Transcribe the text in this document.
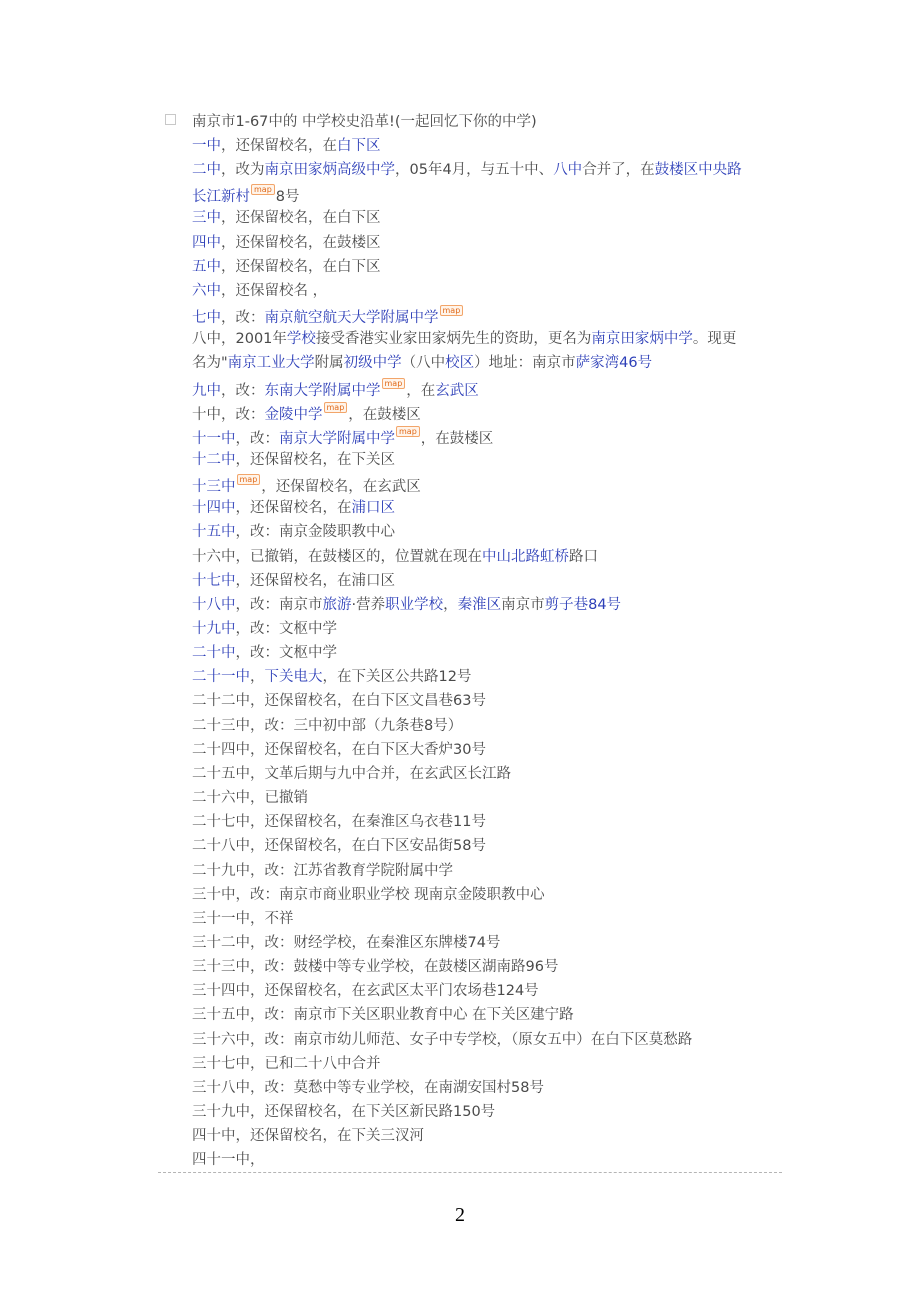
南京市1-67中的 中学校史沿革!(一起回忆下你的中学)
一中，还保留校名，在白下区
二中，改为南京田家炳高级中学，05年4月，与五十中、八中合并了，在鼓楼区中央路
长江新村 map 8号
三中，还保留校名，在白下区
四中，还保留校名，在鼓楼区
五中，还保留校名，在白下区
六中，还保留校名 ，
七中，改：南京航空航天大学附属中学 map
八中，2001年学校接受香港实业家田家炳先生的资助，更名为南京田家炳中学。现更
名为"南京工业大学附属初级中学（八中校区）地址：南京市萨家湾46号
九中，改：东南大学附属中学 map ，在玄武区
十中，改：金陵中学 map ，在鼓楼区
十一中，改：南京大学附属中学 map ，在鼓楼区
十二中，还保留校名，在下关区
十三中 map ，还保留校名，在玄武区
十四中，还保留校名，在浦口区
十五中，改：南京金陵职教中心
十六中，已撤销，在鼓楼区的，位置就在现在中山北路虹桥路口
十七中，还保留校名，在浦口区
十八中，改：南京市旅游·营养职业学校，秦淮区南京市剪子巷84号
十九中，改：文枢中学
二十中，改：文枢中学
二十一中，下关电大，在下关区公共路12号
二十二中，还保留校名，在白下区文昌巷63号
二十三中，改：三中初中部（九条巷8号）
二十四中，还保留校名，在白下区大香炉30号
二十五中，文革后期与九中合并，在玄武区长江路
二十六中，已撤销
二十七中，还保留校名，在秦淮区乌衣巷11号
二十八中，还保留校名，在白下区安品街58号
二十九中，改：江苏省教育学院附属中学
三十中，改：南京市商业职业学校 现南京金陵职教中心
三十一中，不祥
三十二中，改：财经学校，在秦淮区东牌楼74号
三十三中，改：鼓楼中等专业学校，在鼓楼区湖南路96号
三十四中，还保留校名，在玄武区太平门农场巷124号
三十五中，改：南京市下关区职业教育中心 在下关区建宁路
三十六中，改：南京市幼儿师范、女子中专学校，（原女五中）在白下区莫愁路
三十七中，已和二十八中合并
三十八中，改：莫愁中等专业学校，在南湖安国村58号
三十九中，还保留校名，在下关区新民路150号
四十中，还保留校名，在下关三汊河
四十一中，
2
